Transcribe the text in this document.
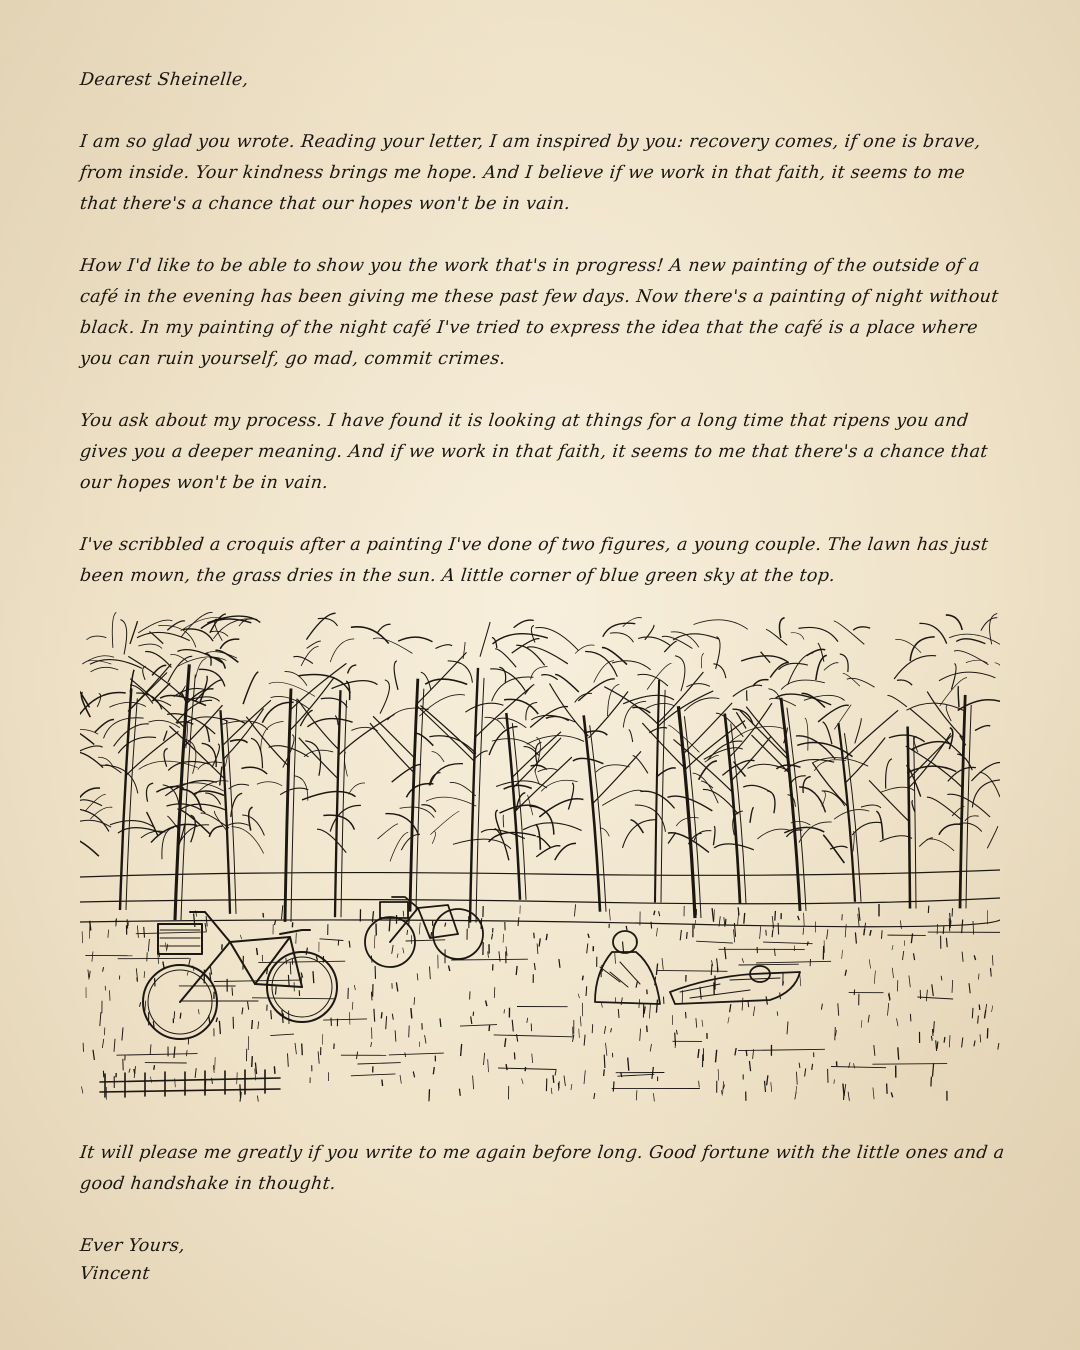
Dearest Sheinelle,
I am so glad you wrote. Reading your letter, I am inspired by you: recovery comes, if one is brave,
from inside. Your kindness brings me hope. And I believe if we work in that faith, it seems to me
that there's a chance that our hopes won't be in vain.
How I'd like to be able to show you the work that's in progress! A new painting of the outside of a
café in the evening has been giving me these past few days. Now there's a painting of night without
black. In my painting of the night café I've tried to express the idea that the café is a place where
you can ruin yourself, go mad, commit crimes.
You ask about my process. I have found it is looking at things for a long time that ripens you and
gives you a deeper meaning. And if we work in that faith, it seems to me that there's a chance that
our hopes won't be in vain.
I've scribbled a croquis after a painting I've done of two figures, a young couple. The lawn has just
been mown, the grass dries in the sun. A little corner of blue green sky at the top.
It will please me greatly if you write to me again before long. Good fortune with the little ones and a
good handshake in thought.
Ever Yours,
Vincent
